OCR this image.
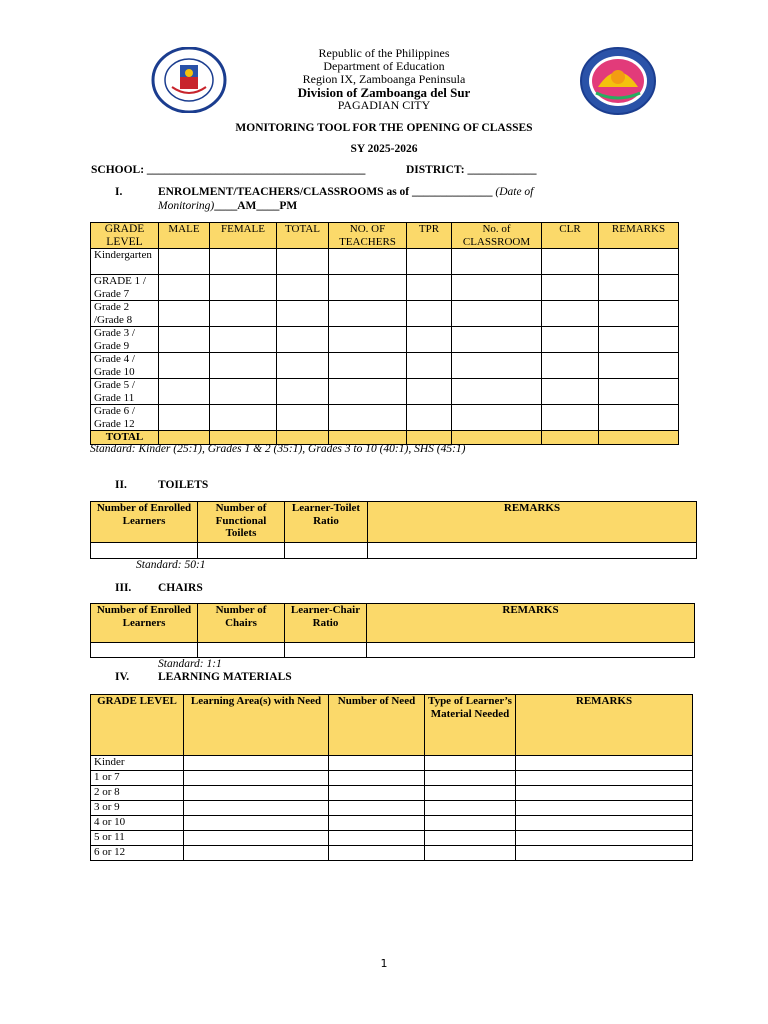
Republic of the Philippines
Department of Education
Region IX, Zamboanga Peninsula
Division of Zamboanga del Sur
PAGADIAN CITY
MONITORING TOOL FOR THE OPENING OF CLASSES
SY 2025-2026
SCHOOL: ______________________________________	DISTRICT: ____________
I.	ENROLMENT/TEACHERS/CLASSROOMS as of ______________ (Date of
Monitoring)____AM____PM
GRADE LEVEL	MALE	FEMALE	TOTAL	NO. OF TEACHERS	TPR	No. of CLASSROOM	CLR	REMARKS
Kindergarten								
GRADE 1 / Grade 7								
Grade 2 /Grade 8								
Grade 3 / Grade 9								
Grade 4 / Grade 10								
Grade 5 / Grade 11								
Grade 6 / Grade 12								
TOTAL								
Standard: Kinder (25:1), Grades 1 & 2 (35:1), Grades 3 to 10 (40:1), SHS (45:1)
II.	TOILETS
Number of Enrolled Learners	Number of Functional Toilets	Learner-Toilet Ratio	REMARKS

Standard: 50:1
III. CHAIRS
Number of Enrolled Learners	Number of Chairs	Learner-Chair Ratio	REMARKS

Standard: 1:1
IV.	LEARNING MATERIALS
GRADE LEVEL	Learning Area(s) with Need	Number of Need	Type of Learner’s Material Needed	REMARKS
Kinder				
1 or 7				
2 or 8				
3 or 9				
4 or 10				
5 or 11				
6 or 12				
1
